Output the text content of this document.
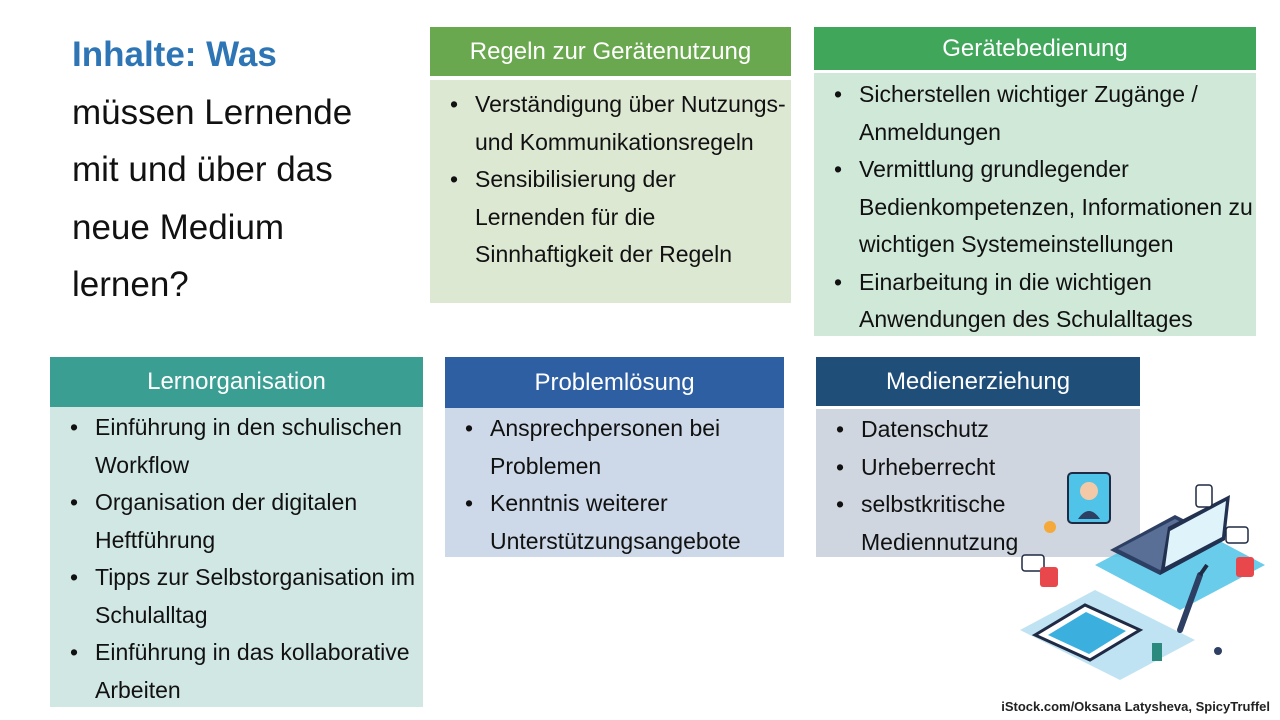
Inhalte: Was
müssen Lernende
mit und über das
neue Medium
lernen?
Regeln zur Gerätenutzung
• Verständigung über Nutzungs- und Kommunikationsregeln
• Sensibilisierung der Lernenden für die Sinnhaftigkeit der Regeln
Gerätebedienung
• Sicherstellen wichtiger Zugänge / Anmeldungen
• Vermittlung grundlegender Bedienkompetenzen, Informationen zu wichtigen Systemeinstellungen
• Einarbeitung in die wichtigen Anwendungen des Schulalltages
Lernorganisation
• Einführung in den schulischen Workflow
• Organisation der digitalen Heftführung
• Tipps zur Selbstorganisation im Schulalltag
• Einführung in das kollaborative Arbeiten
Problemlösung
• Ansprechpersonen bei Problemen
• Kenntnis weiterer Unterstützungsangebote
Medienerziehung
• Datenschutz
• Urheberrecht
• selbstkritische Mediennutzung
iStock.com/Oksana Latysheva, SpicyTruffel
